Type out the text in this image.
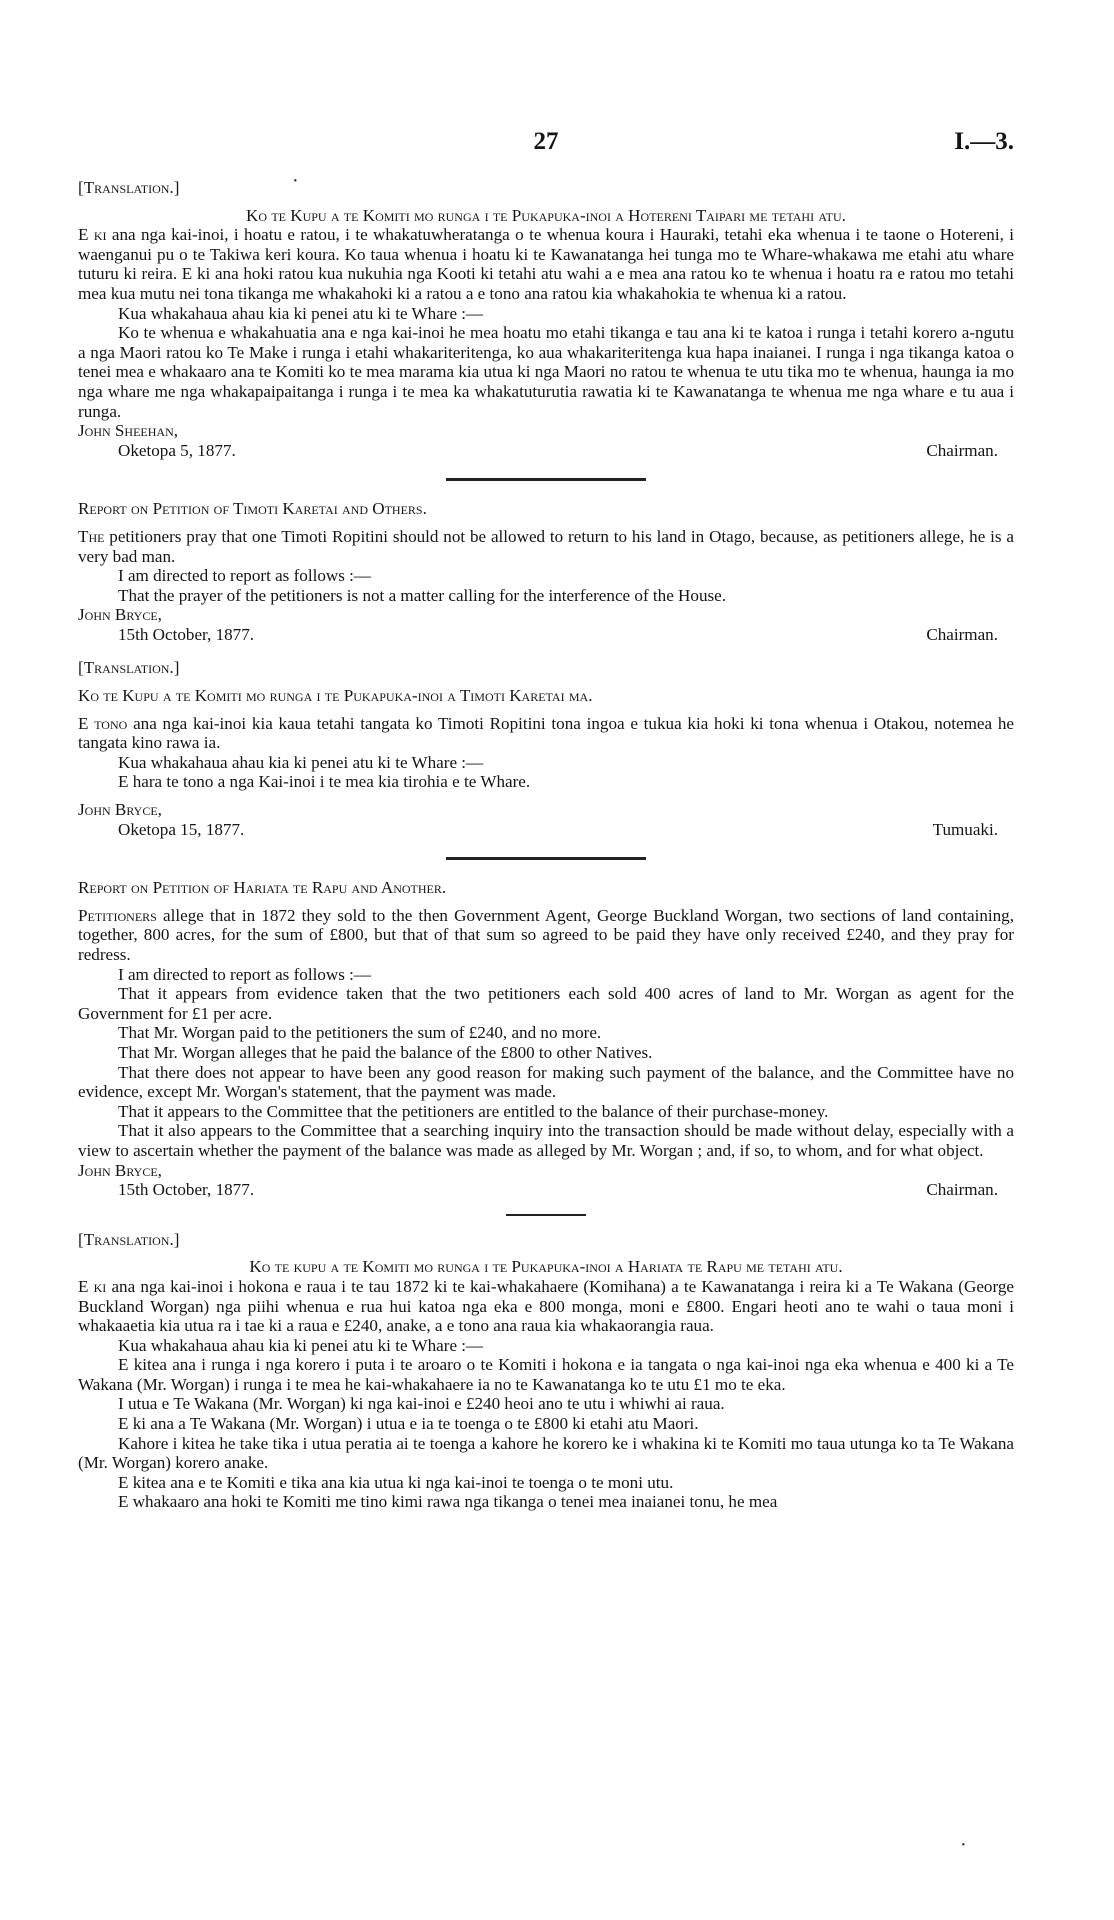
27	I.—3.

[Translation.]

Ko te Kupu a te Komiti mo runga i te Pukapuka-inoi a Hotereni Taipari me tetahi atu.

E ki ana nga kai-inoi, i hoatu e ratou, i te whakatuwheratanga o te whenua koura i Hauraki, tetahi eka whenua i te taone o Hotereni, i waenganui pu o te Takiwa keri koura. Ko taua whenua i hoatu ki te Kawanatanga hei tunga mo te Whare-whakawa me etahi atu whare tuturu ki reira. E ki ana hoki ratou kua nukuhia nga Kooti ki tetahi atu wahi a e mea ana ratou ko te whenua i hoatu ra e ratou mo tetahi mea kua mutu nei tona tikanga me whakahoki ki a ratou a e tono ana ratou kia whakahokia te whenua ki a ratou.

Kua whakahaua ahau kia ki penei atu ki te Whare :—

Ko te whenua e whakahuatia ana e nga kai-inoi he mea hoatu mo etahi tikanga e tau ana ki te katoa i runga i tetahi korero a-ngutu a nga Maori ratou ko Te Make i runga i etahi whakariteritenga, ko aua whakariteritenga kua hapa inaianei. I runga i nga tikanga katoa o tenei mea e whakaaro ana te Komiti ko te mea marama kia utua ki nga Maori no ratou te whenua te utu tika mo te whenua, haunga ia mo nga whare me nga whakapaipaitanga i runga i te mea ka whakatuturutia rawatia ki te Kawanatanga te whenua me nga whare e tu aua i runga.

John Sheehan,

Oketopa 5, 1877.	Chairman.

Report on Petition of Timoti Karetai and Others.

The petitioners pray that one Timoti Ropitini should not be allowed to return to his land in Otago, because, as petitioners allege, he is a very bad man.

I am directed to report as follows :—

That the prayer of the petitioners is not a matter calling for the interference of the House.

John Bryce,

15th October, 1877.	Chairman.

[Translation.]

Ko te Kupu a te Komiti mo runga i te Pukapuka-inoi a Timoti Karetai ma.

E tono ana nga kai-inoi kia kaua tetahi tangata ko Timoti Ropitini tona ingoa e tukua kia hoki ki tona whenua i Otakou, notemea he tangata kino rawa ia.

Kua whakahaua ahau kia ki penei atu ki te Whare :—

E hara te tono a nga Kai-inoi i te mea kia tirohia e te Whare.

John Bryce,

Oketopa 15, 1877.	Tumuaki.

Report on Petition of Hariata te Rapu and Another.

Petitioners allege that in 1872 they sold to the then Government Agent, George Buckland Worgan, two sections of land containing, together, 800 acres, for the sum of £800, but that of that sum so agreed to be paid they have only received £240, and they pray for redress.

I am directed to report as follows :—

That it appears from evidence taken that the two petitioners each sold 400 acres of land to Mr. Worgan as agent for the Government for £1 per acre.

That Mr. Worgan paid to the petitioners the sum of £240, and no more.

That Mr. Worgan alleges that he paid the balance of the £800 to other Natives.

That there does not appear to have been any good reason for making such payment of the balance, and the Committee have no evidence, except Mr. Worgan's statement, that the payment was made.

That it appears to the Committee that the petitioners are entitled to the balance of their purchase-money.

That it also appears to the Committee that a searching inquiry into the transaction should be made without delay, especially with a view to ascertain whether the payment of the balance was made as alleged by Mr. Worgan ; and, if so, to whom, and for what object.

John Bryce,

15th October, 1877.	Chairman.

[Translation.]

Ko te kupu a te Komiti mo runga i te Pukapuka-inoi a Hariata te Rapu me tetahi atu.

E ki ana nga kai-inoi i hokona e raua i te tau 1872 ki te kai-whakahaere (Komihana) a te Kawanatanga i reira ki a Te Wakana (George Buckland Worgan) nga piihi whenua e rua hui katoa nga eka e 800 monga, moni e £800. Engari heoti ano te wahi o taua moni i whakaaetia kia utua ra i tae ki a raua e £240, anake, a e tono ana raua kia whakaorangia raua.

Kua whakahaua ahau kia ki penei atu ki te Whare :—

E kitea ana i runga i nga korero i puta i te aroaro o te Komiti i hokona e ia tangata o nga kai-inoi nga eka whenua e 400 ki a Te Wakana (Mr. Worgan) i runga i te mea he kai-whakahaere ia no te Kawanatanga ko te utu £1 mo te eka.

I utua e Te Wakana (Mr. Worgan) ki nga kai-inoi e £240 heoi ano te utu i whiwhi ai raua.

E ki ana a Te Wakana (Mr. Worgan) i utua e ia te toenga o te £800 ki etahi atu Maori.

Kahore i kitea he take tika i utua peratia ai te toenga a kahore he korero ke i whakina ki te Komiti mo taua utunga ko ta Te Wakana (Mr. Worgan) korero anake.

E kitea ana e te Komiti e tika ana kia utua ki nga kai-inoi te toenga o te moni utu.

E whakaaro ana hoki te Komiti me tino kimi rawa nga tikanga o tenei mea inaianei tonu, he mea

·
·
